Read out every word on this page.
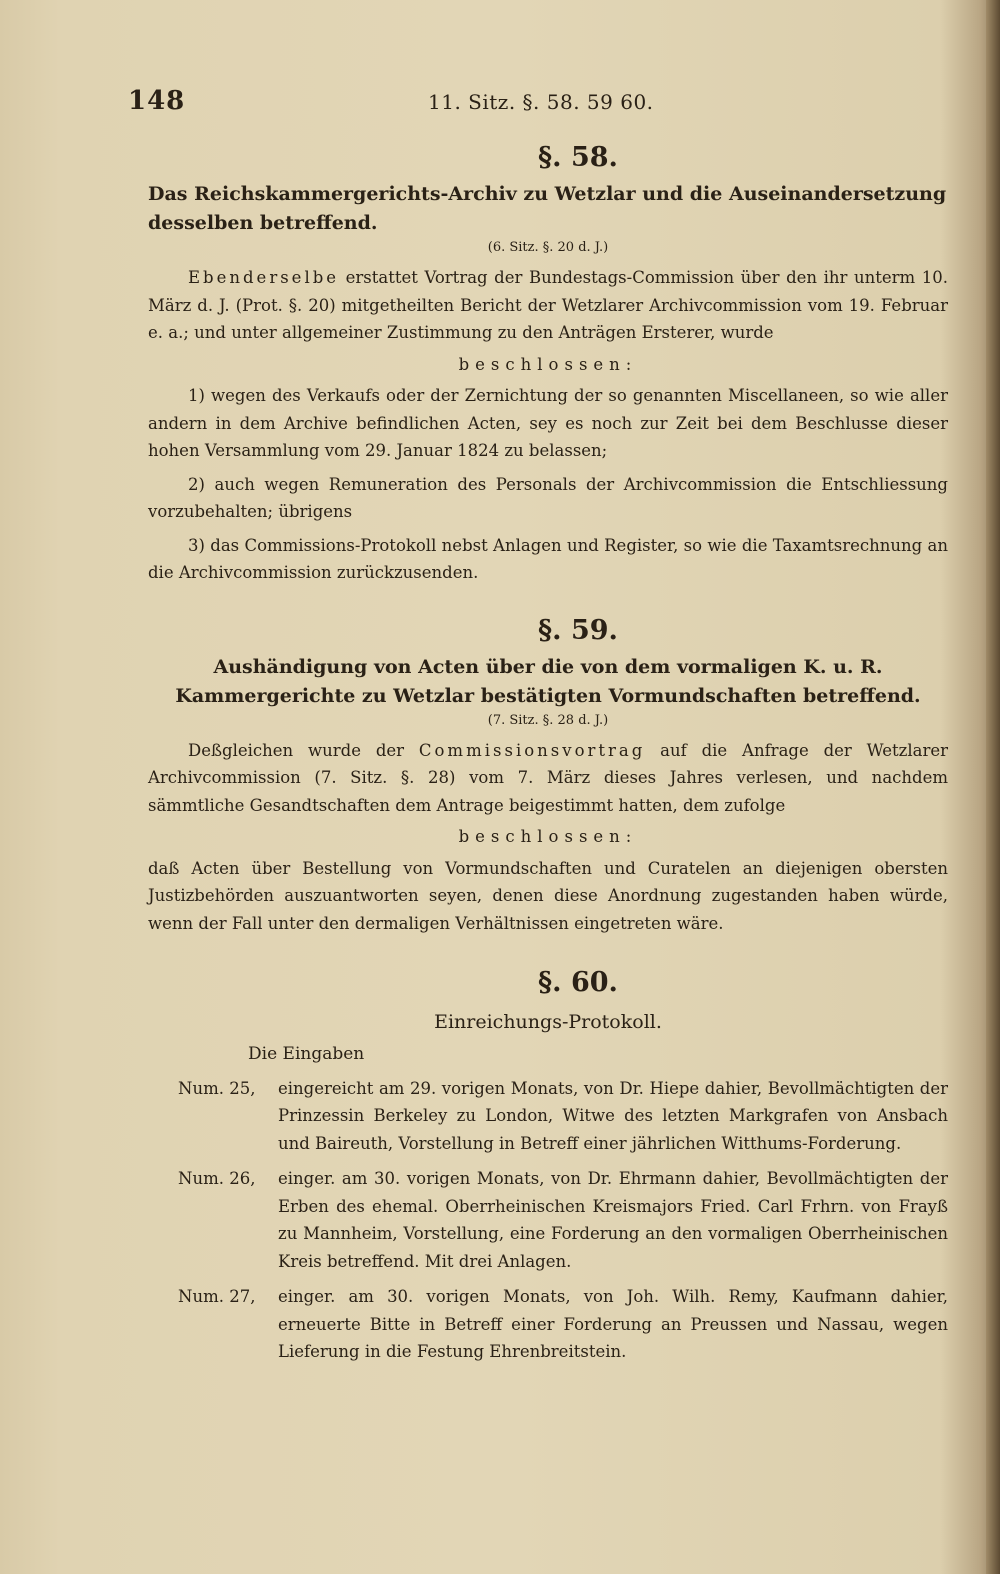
148	11. Sitz. §. 58. 59 60.
§. 58.
Das Reichskammergerichts-Archiv zu Wetzlar und die Auseinandersetzung desselben betreffend.
(6. Sitz. §. 20 d. J.)

Ebenderselbe erstattet Vortrag der Bundestags-Commission über den ihr unterm 10. März d. J. (Prot. §. 20) mitgetheilten Bericht der Wetzlarer Archivcommission vom 19. Februar e. a.; und unter allgemeiner Zustimmung zu den Anträgen Ersterer, wurde

beschlossen:

1) wegen des Verkaufs oder der Zernichtung der so genannten Miscellaneen, so wie aller andern in dem Archive befindlichen Acten, sey es noch zur Zeit bei dem Beschlusse dieser hohen Versammlung vom 29. Januar 1824 zu belassen;

2) auch wegen Remuneration des Personals der Archivcommission die Entschliessung vorzubehalten; übrigens

3) das Commissions-Protokoll nebst Anlagen und Register, so wie die Taxamtsrechnung an die Archivcommission zurückzusenden.

§. 59.
Aushändigung von Acten über die von dem vormaligen K. u. R. Kammergerichte zu Wetzlar bestätigten Vormundschaften betreffend.
(7. Sitz. §. 28 d. J.)

Deßgleichen wurde der Commissionsvortrag auf die Anfrage der Wetzlarer Archivcommission (7. Sitz. §. 28) vom 7. März dieses Jahres verlesen, und nachdem sämmtliche Gesandtschaften dem Antrage beigestimmt hatten, dem zufolge

beschlossen:

daß Acten über Bestellung von Vormundschaften und Curatelen an diejenigen obersten Justizbehörden auszuantworten seyen, denen diese Anordnung zugestanden haben würde, wenn der Fall unter den dermaligen Verhältnissen eingetreten wäre.

§. 60.
Einreichungs-Protokoll.
Die Eingaben
Num. 25, eingereicht am 29. vorigen Monats, von Dr. Hiepe dahier, Bevollmächtigten der Prinzessin Berkeley zu London, Witwe des letzten Markgrafen von Ansbach und Baireuth, Vorstellung in Betreff einer jährlichen Witthums-Forderung.
Num. 26, einger. am 30. vorigen Monats, von Dr. Ehrmann dahier, Bevollmächtigten der Erben des ehemal. Oberrheinischen Kreismajors Fried. Carl Frhrn. von Frayß zu Mannheim, Vorstellung, eine Forderung an den vormaligen Oberrheinischen Kreis betreffend. Mit drei Anlagen.
Num. 27, einger. am 30. vorigen Monats, von Joh. Wilh. Remy, Kaufmann dahier, erneuerte Bitte in Betreff einer Forderung an Preussen und Nassau, wegen Lieferung in die Festung Ehrenbreitstein.
